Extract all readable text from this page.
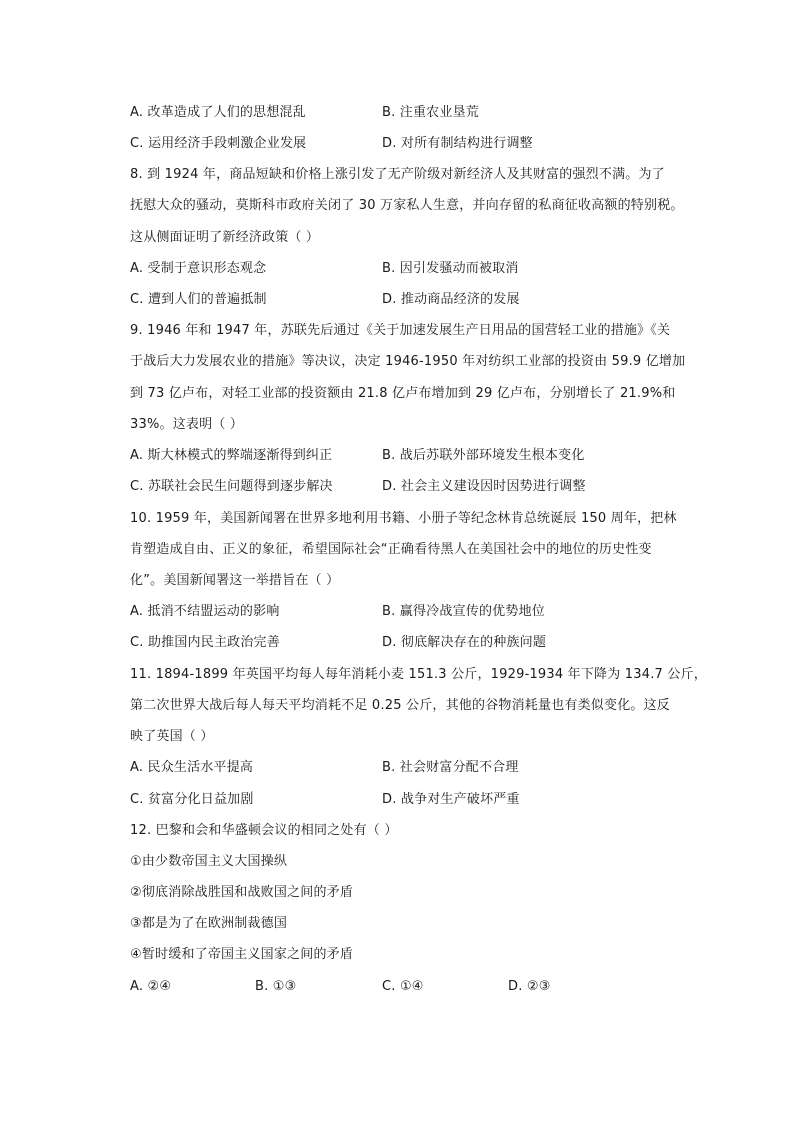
A. 改革造成了人们的思想混乱	B. 注重农业垦荒
C. 运用经济手段刺激企业发展	D. 对所有制结构进行调整
8. 到 1924 年，商品短缺和价格上涨引发了无产阶级对新经济人及其财富的强烈不满。为了
抚慰大众的骚动，莫斯科市政府关闭了 30 万家私人生意，并向存留的私商征收高额的特别税。
这从侧面证明了新经济政策（ ）
A. 受制于意识形态观念	B. 因引发骚动而被取消
C. 遭到人们的普遍抵制	D. 推动商品经济的发展
9. 1946 年和 1947 年，苏联先后通过《关于加速发展生产日用品的国营轻工业的措施》《关
于战后大力发展农业的措施》等决议，决定 1946-1950 年对纺织工业部的投资由 59.9 亿增加
到 73 亿卢布，对轻工业部的投资额由 21.8 亿卢布增加到 29 亿卢布，分别增长了 21.9%和
33%。这表明（ ）
A. 斯大林模式的弊端逐渐得到纠正	B. 战后苏联外部环境发生根本变化
C. 苏联社会民生问题得到逐步解决	D. 社会主义建设因时因势进行调整
10. 1959 年，美国新闻署在世界多地利用书籍、小册子等纪念林肯总统诞辰 150 周年，把林
肯塑造成自由、正义的象征，希望国际社会“正确看待黑人在美国社会中的地位的历史性变
化”。美国新闻署这一举措旨在（ ）
A. 抵消不结盟运动的影响	B. 赢得冷战宣传的优势地位
C. 助推国内民主政治完善	D. 彻底解决存在的种族问题
11. 1894-1899 年英国平均每人每年消耗小麦 151.3 公斤，1929-1934 年下降为 134.7 公斤，
第二次世界大战后每人每天平均消耗不足 0.25 公斤，其他的谷物消耗量也有类似变化。这反
映了英国（ ）
A. 民众生活水平提高	B. 社会财富分配不合理
C. 贫富分化日益加剧	D. 战争对生产破坏严重
12. 巴黎和会和华盛顿会议的相同之处有（ ）
①由少数帝国主义大国操纵
②彻底消除战胜国和战败国之间的矛盾
③都是为了在欧洲制裁德国
④暂时缓和了帝国主义国家之间的矛盾
A. ②④	B. ①③	C. ①④	D. ②③
